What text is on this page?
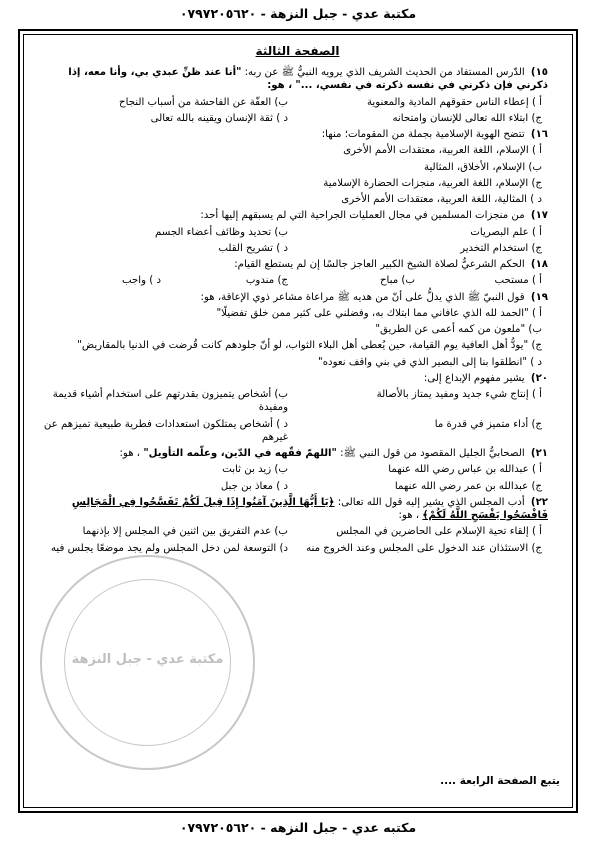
مكتبة عدي - جبل النزهة - ٠٧٩٧٢٠٥٦٢٠
الصفحة الثالثة
١٥) الدّرس المستفاد من الحديث الشريف الذي يرويه النبيُّ ﷺ عن ربه: "أنا عند ظنِّ عبدي بي، وأنا معه، إذا ذكرني فإن ذكرني في نفسه ذكرته في نفسي، ..." ، هو:
أ ) إعطاء الناس حقوقهم المادية والمعنوية
ب) العفّة عن الفاحشة من أسباب النجاح
ج) ابتلاء الله تعالى للإنسان وامتحانه
د ) ثقة الإنسان ويقينه بالله تعالى
١٦) تتضح الهوية الإسلامية بجملة من المقومات؛ منها:
أ ) الإسلام، اللغة العربية، معتقدات الأمم الأخرى
ب) الإسلام، الأخلاق، المثالية
ج) الإسلام، اللغة العربية، منجزات الحضارة الإسلامية
د ) المثالية، اللغة العربية، معتقدات الأمم الأخرى
١٧) من منجزات المسلمين في مجال العمليات الجراحية التي لم يسبقهم إليها أحد:
أ ) علم البصريات
ب) تحديد وظائف أعضاء الجسم
ج) استخدام التخدير
د ) تشريح القلب
١٨) الحكم الشرعيُّ لصلاة الشيخ الكبير العاجز جالسًا إن لم يستطع القيام:
أ ) مستحب
ب) مباح
ج) مندوب
د ) واجب
١٩) قول النبيّ ﷺ الذي يدلُّ على أنّ من هديه ﷺ مراعاة مشاعر ذوي الإعاقة، هو:
أ ) "الحمد لله الذي عافاني مما ابتلاك به، وفضلني على كثير ممن خلق تفضيلًا"
ب) "ملعون من كمه أعمى عن الطريق"
ج) "يودُّ أهل العافية يوم القيامة، حين يُعطى أهل البلاء الثواب، لو أنّ جلودهم كانت قُرضت في الدنيا بالمقاريض"
د ) "انطلقوا بنا إلى البصير الذي في بني واقف نعوده"
٢٠) يشير مفهوم الإبداع إلى:
أ ) إنتاج شيء جديد ومفيد يمتاز بالأصالة
ب) أشخاص يتميزون بقدرتهم على استخدام أشياء قديمة ومفيدة
ج) أداء متميز في قدرة ما
د ) أشخاص يمتلكون استعدادات فطرية طبيعية تميزهم عن غيرهم
٢١) الصحابيُّ الجليل المقصود من قول النبي ﷺ: "اللهمّ فقّهه في الدّين، وعلّمه التأويل" ، هو:
أ ) عبدالله بن عباس رضي الله عنهما
ب) زيد بن ثابت
ج) عبدالله بن عمر رضي الله عنهما
د ) معاذ بن جبل
٢٢) أدب المجلس الذي يشير إليه قول الله تعالى: ﴿يَا أَيُّهَا الَّذِينَ آمَنُوا إِذَا قِيلَ لَكُمْ تَفَسَّحُوا فِي الْمَجَالِسِ فَافْسَحُوا يَفْسَحِ اللَّهُ لَكُمْ﴾ ، هو:
أ ) إلقاء تحية الإسلام على الحاضرين في المجلس
ب) عدم التفريق بين اثنين في المجلس إلا بإذنهما
ج) الاستئذان عند الدخول على المجلس وعند الخروج منه
د) التوسعة لمن دخل المجلس ولم يجد موضعًا يجلس فيه
مكتبة عدي - جبل النزهة
يتبع الصفحة الرابعة ....
مكتبه عدي - جبل النزهه - ٠٧٩٧٢٠٥٦٢٠
